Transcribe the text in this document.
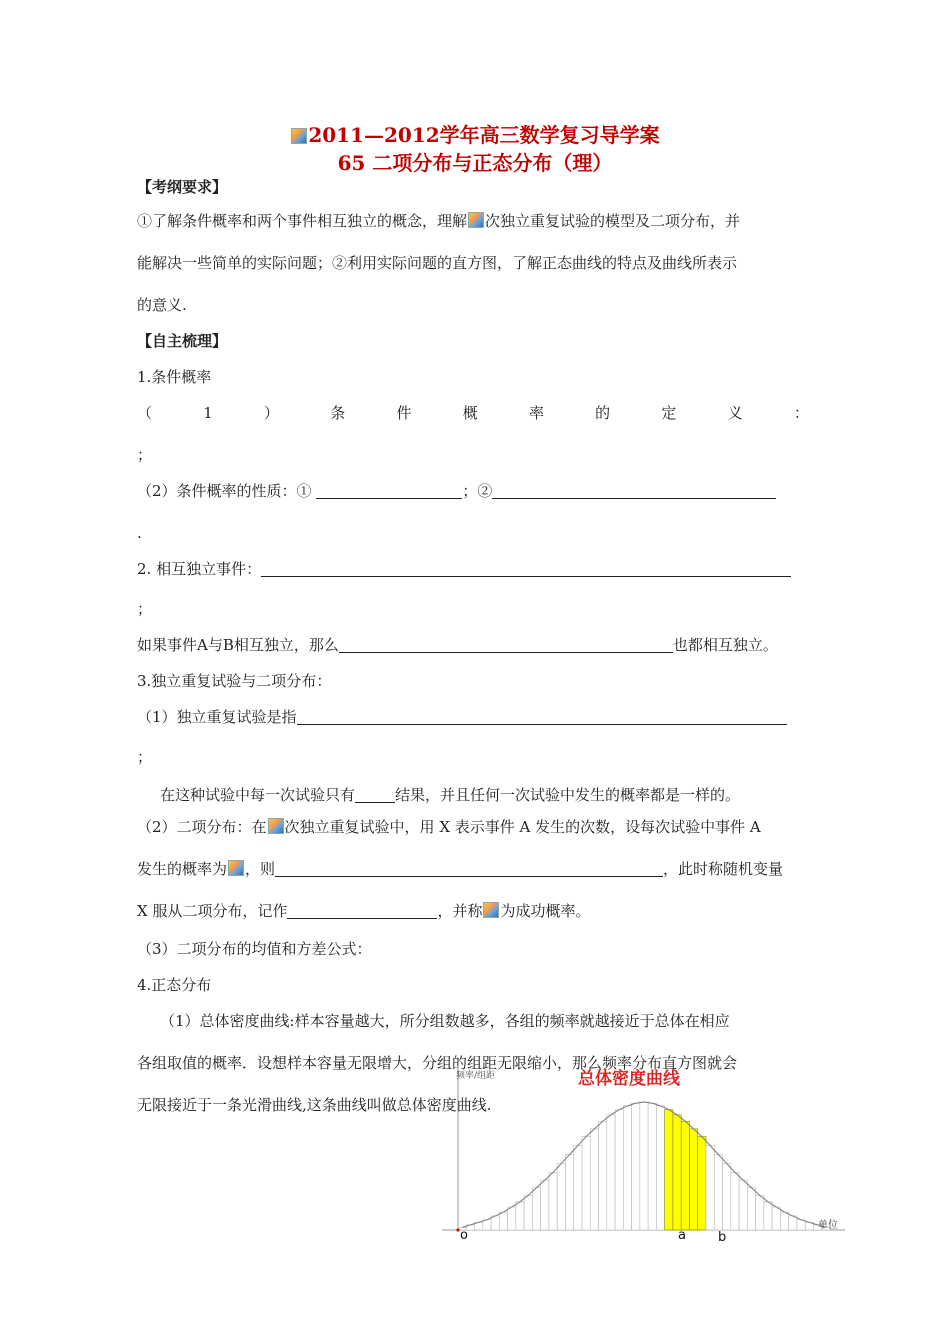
2011—2012学年高三数学复习导学案
65 二项分布与正态分布（理）
【考纲要求】
①了解条件概率和两个事件相互独立的概念，理解 次独立重复试验的模型及二项分布，并
能解决一些简单的实际问题；②利用实际问题的直方图，了解正态曲线的特点及曲线所表示
的意义.
【自主梳理】
1.条件概率
（	1	）	条	件	概	率	的	定	义	：
；
（2）条件概率的性质：①	；②
.
2. 相互独立事件：
；
如果事件A与B相互独立，那么	也都相互独立。
3.独立重复试验与二项分布：
（1）独立重复试验是指
；
在这种试验中每一次试验只有	结果，并且任何一次试验中发生的概率都是一样的。
（2）二项分布：在 次独立重复试验中，用 X 表示事件 A 发生的次数，设每次试验中事件 A
发生的概率为 ，则	，此时称随机变量
X 服从二项分布，记作	，并称 为成功概率。
（3）二项分布的均值和方差公式：
4.正态分布
（1）总体密度曲线:样本容量越大，所分组数越多，各组的频率就越接近于总体在相应
各组取值的概率．设想样本容量无限增大，分组的组距无限缩小，那么频率分布直方图就会
无限接近于一条光滑曲线,这条曲线叫做总体密度曲线.
总体密度曲线
频率/组距
单位
o	a b
